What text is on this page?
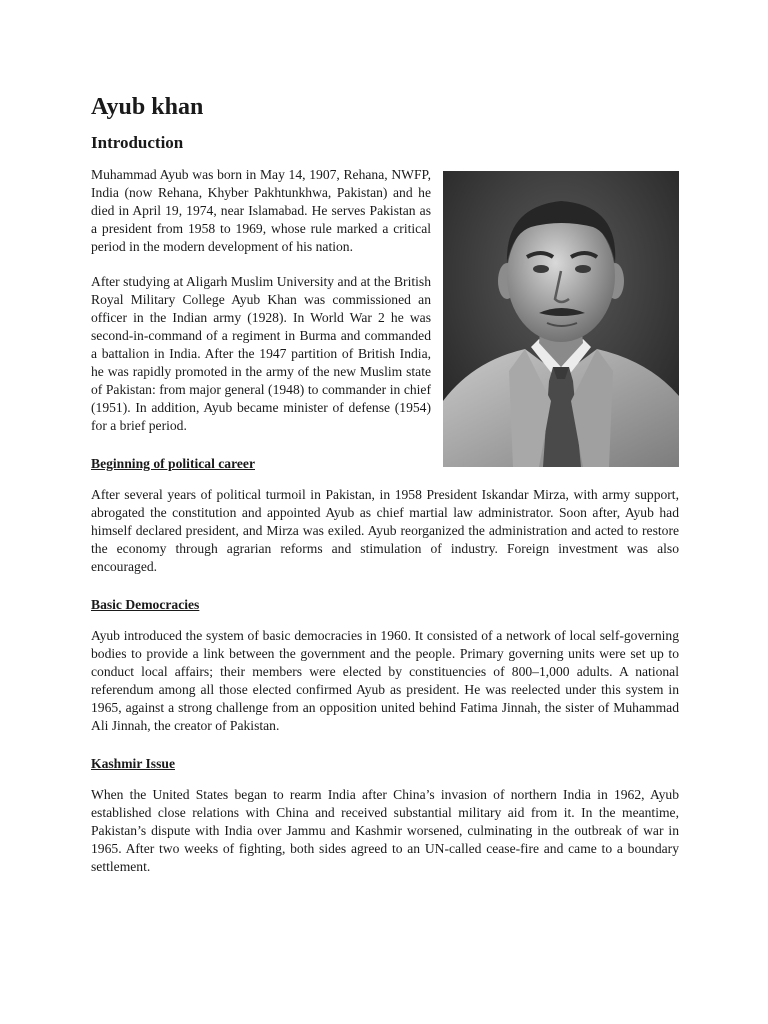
Ayub khan
Introduction

Muhammad Ayub was born in May 14, 1907, Rehana, NWFP, India (now Rehana, Khyber Pakhtunkhwa, Pakistan) and he died in April 19, 1974, near Islamabad. He serves Pakistan as a president from 1958 to 1969, whose rule marked a critical period in the modern development of his nation.

After studying at Aligarh Muslim University and at the British Royal Military College Ayub Khan was commissioned an officer in the Indian army (1928). In World War 2 he was second-in-command of a regiment in Burma and commanded a battalion in India. After the 1947 partition of British India, he was rapidly promoted in the army of the new Muslim state of Pakistan: from major general (1948) to commander in chief (1951). In addition, Ayub became minister of defense (1954) for a brief period.

Beginning of political career

After several years of political turmoil in Pakistan, in 1958 President Iskandar Mirza, with army support, abrogated the constitution and appointed Ayub as chief martial law administrator. Soon after, Ayub had himself declared president, and Mirza was exiled. Ayub reorganized the administration and acted to restore the economy through agrarian reforms and stimulation of industry. Foreign investment was also encouraged.

Basic Democracies

Ayub introduced the system of basic democracies in 1960. It consisted of a network of local self-governing bodies to provide a link between the government and the people. Primary governing units were set up to conduct local affairs; their members were elected by constituencies of 800–1,000 adults. A national referendum among all those elected confirmed Ayub as president. He was reelected under this system in 1965, against a strong challenge from an opposition united behind Fatima Jinnah, the sister of Muhammad Ali Jinnah, the creator of Pakistan.

Kashmir Issue

When the United States began to rearm India after China’s invasion of northern India in 1962, Ayub established close relations with China and received substantial military aid from it. In the meantime, Pakistan’s dispute with India over Jammu and Kashmir worsened, culminating in the outbreak of war in 1965. After two weeks of fighting, both sides agreed to an UN-called cease-fire and came to a boundary settlement.
